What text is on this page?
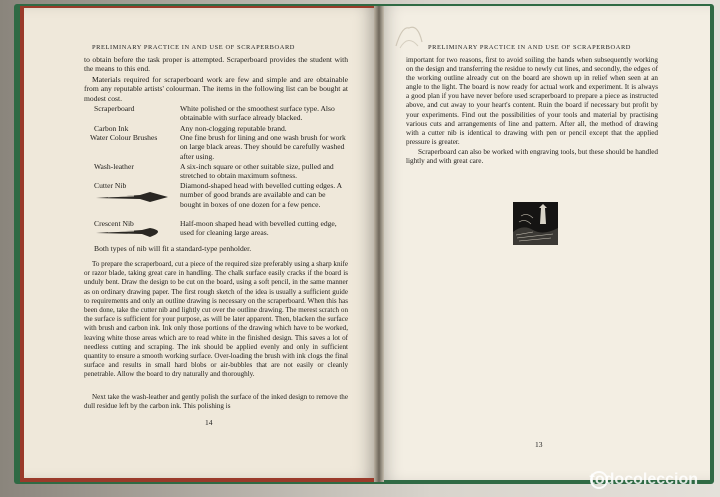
PRELIMINARY PRACTICE IN AND USE OF SCRAPERBOARD

to obtain before the task proper is attempted. Scraperboard provides the student with the means to this end.

Materials required for scraperboard work are few and simple and are obtainable from any reputable artists' colourman. The items in the following list can be bought at modest cost.

Scraperboard	White polished or the smoothest surface type. Also obtainable with surface already blacked.
Carbon Ink	Any non-clogging reputable brand.
Water Colour Brushes	One fine brush for lining and one wash brush for work on large black areas. They should be carefully washed after using.
Wash-leather	A six-inch square or other suitable size, pulled and stretched to obtain maximum softness.
Cutter Nib	Diamond-shaped head with bevelled cutting edges. A number of good brands are available and can be bought in boxes of one dozen for a few pence.
Crescent Nib	Half-moon shaped head with bevelled cutting edge, used for cleaning large areas.

Both types of nib will fit a standard-type penholder.

To prepare the scraperboard, cut a piece of the required size preferably using a sharp knife or razor blade, taking great care in handling. The chalk surface easily cracks if the board is unduly bent. Draw the design to be cut on the board, using a soft pencil, in the same manner as on ordinary drawing paper. The first rough sketch of the idea is usually a sufficient guide to requirements and only an outline drawing is necessary on the scraperboard. When this has been done, take the cutter nib and lightly cut over the outline drawing. The merest scratch on the surface is sufficient for your purpose, as will be later apparent. Then, blacken the surface with brush and carbon ink. Ink only those portions of the drawing which have to be worked, leaving white those areas which are to read white in the finished design. This saves a lot of needless cutting and scraping. The ink should be applied evenly and only in sufficient quantity to ensure a smooth working surface. Over-loading the brush with ink clogs the final surface and results in small hard blobs or air-bubbles that are not easily or cleanly penetrable. Allow the board to dry naturally and thoroughly.

Next take the wash-leather and gently polish the surface of the inked design to remove the dull residue left by the carbon ink. This polishing is

14
PRELIMINARY PRACTICE IN AND USE OF SCRAPERBOARD

important for two reasons, first to avoid soiling the hands when subsequently working on the design and transferring the residue to newly cut lines, and secondly, the edges of the working outline already cut on the board are shown up in relief when seen at an angle to the light. The board is now ready for actual work and experiment. It is always a good plan if you have never before used scraperboard to prepare a piece as instructed above, and cut away to your heart's content. Ruin the board if necessary but profit by your experiments. Find out the possibilities of your tools and material by practising various cuts and arrangements of line and pattern. After all, the method of drawing with a cutter nib is identical to drawing with pen or pencil except that the applied pressure is greater.

Scraperboard can also be worked with engraving tools, but these should be handled lightly and with great care.

13
todocoleccion
